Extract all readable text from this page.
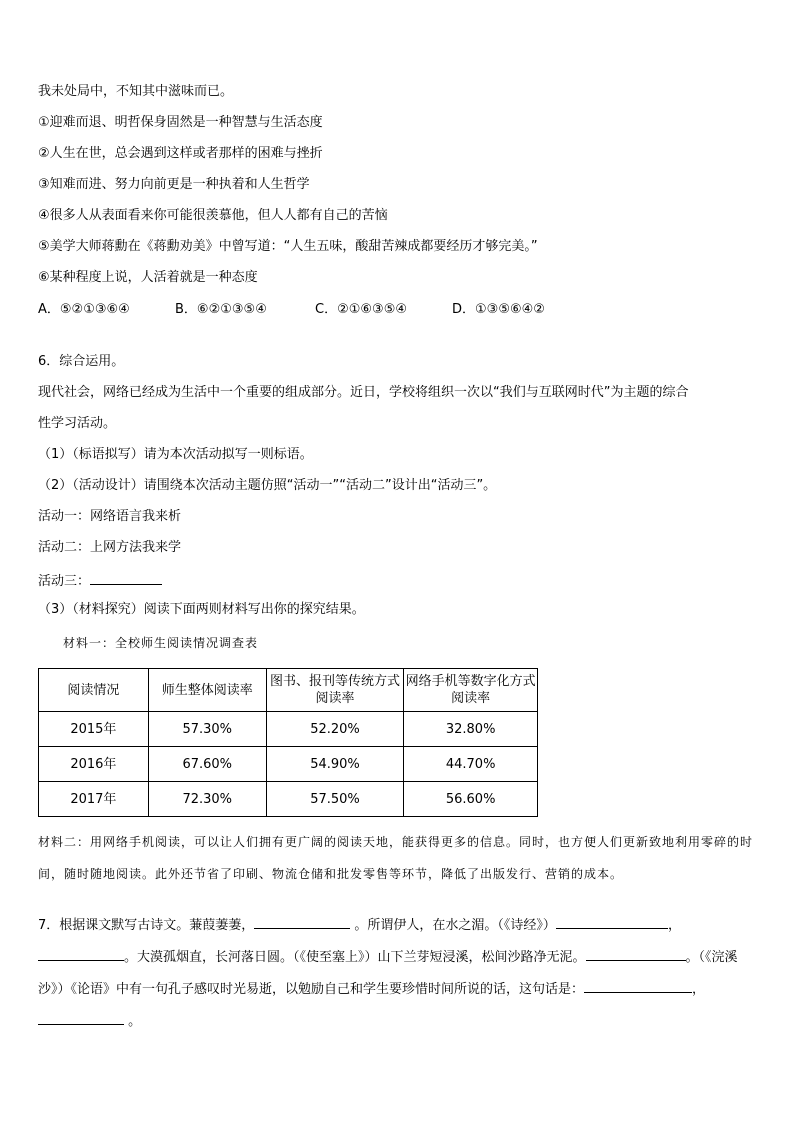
我未处局中，不知其中滋味而已。
①迎难而退、明哲保身固然是一种智慧与生活态度
②人生在世，总会遇到这样或者那样的困难与挫折
③知难而进、努力向前更是一种执着和人生哲学
④很多人从表面看来你可能很羡慕他，但人人都有自己的苦恼
⑤美学大师蒋勳在《蒋勳劝美》中曾写道：“人生五味，酸甜苦辣成都要经历才够完美。”
⑥某种程度上说，人活着就是一种态度
A．⑤②①③⑥④	B．⑥②①③⑤④	C．②①⑥③⑤④	D．①③⑤⑥④②
6．综合运用。
现代社会，网络已经成为生活中一个重要的组成部分。近日，学校将组织一次以“我们与互联网时代”为主题的综合
性学习活动。
（1）（标语拟写）请为本次活动拟写一则标语。
（2）（活动设计）请围绕本次活动主题仿照“活动一”“活动二”设计出“活动三”。
活动一：网络语言我来析
活动二：上网方法我来学
活动三：
（3）（材料探究）阅读下面两则材料写出你的探究结果。
材料一：全校师生阅读情况调查表
阅读情况	师生整体阅读率	图书、报刊等传统方式阅读率	网络手机等数字化方式阅读率
2015年	57.30%	52.20%	32.80%
2016年	67.60%	54.90%	44.70%
2017年	72.30%	57.50%	56.60%
材料二：用网络手机阅读，可以让人们拥有更广阔的阅读天地，能获得更多的信息。同时，也方便人们更新致地利用零碎的时间，随时随地阅读。此外还节省了印刷、物流仓储和批发零售等环节，降低了出版发行、营销的成本。
7．根据课文默写古诗文。蒹葭萋萋，	。所谓伊人，在水之湄。（《诗经》）	， 。大漠孤烟直，长河落日圆。（《使至塞上》）山下兰芽短浸溪，松间沙路净无泥。	。（《浣溪沙》）《论语》中有一句孔子感叹时光易逝，以勉励自己和学生要珍惜时间所说的话，这句话是：	， 。
